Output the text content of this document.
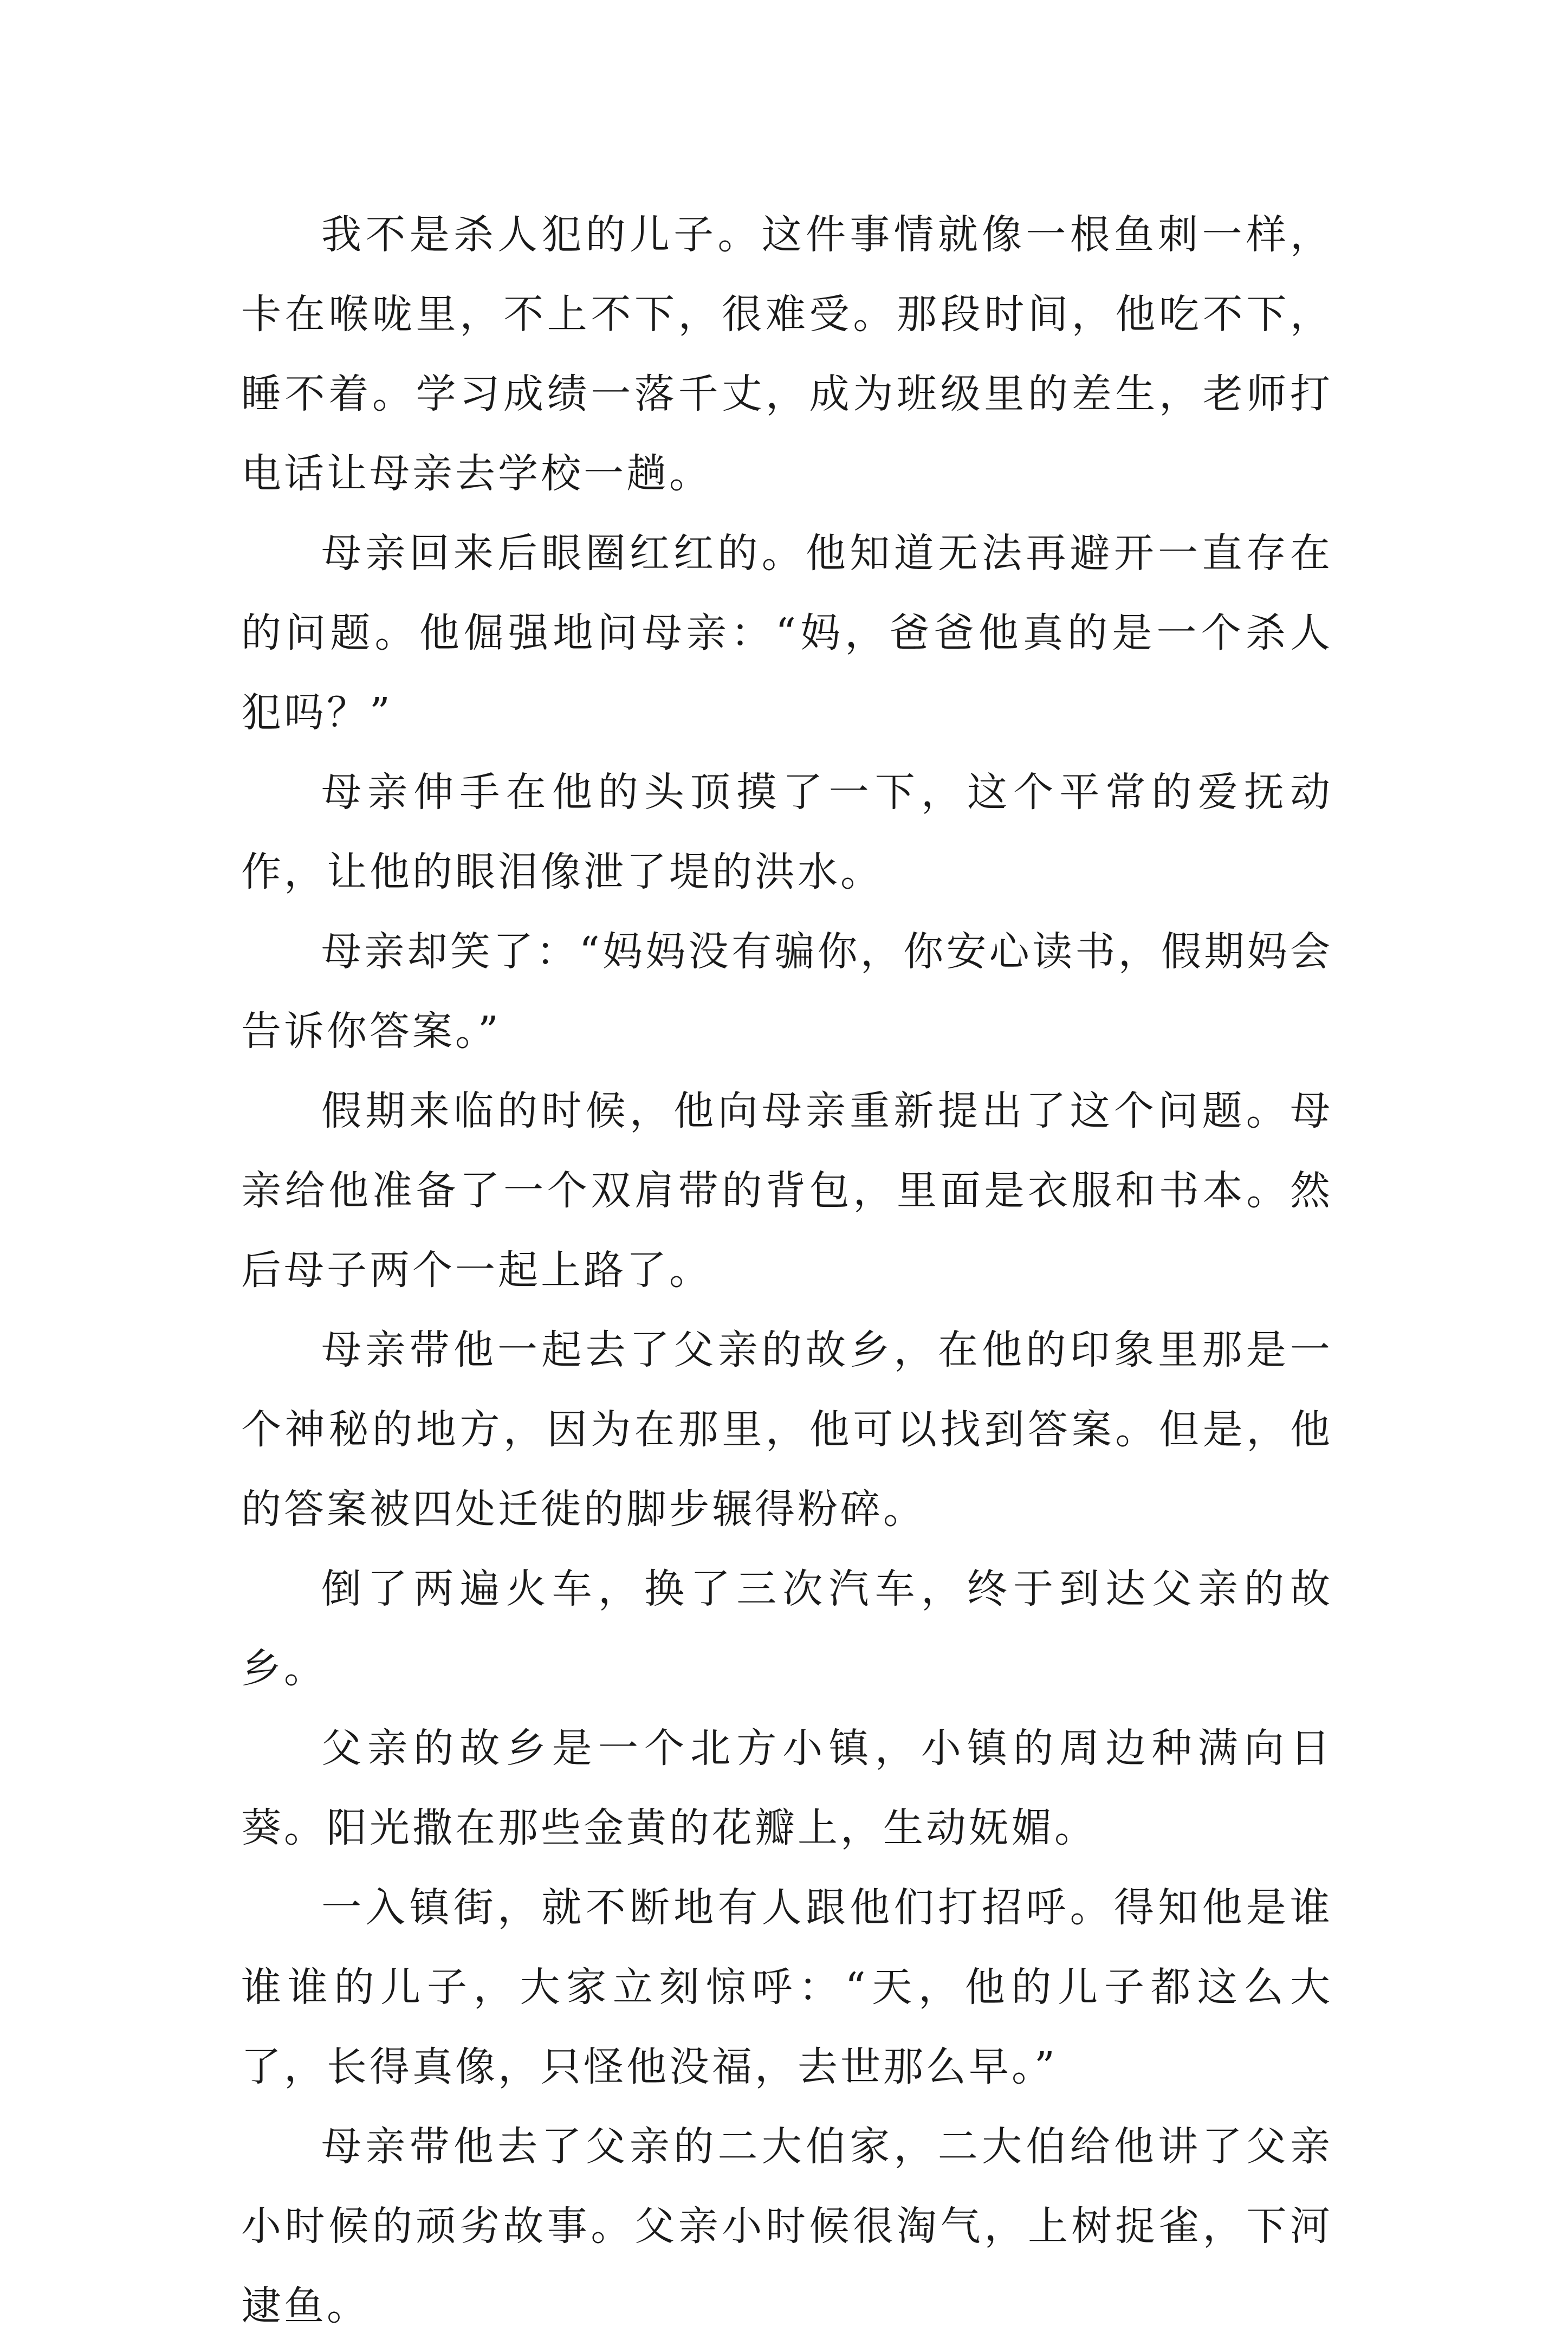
我不是杀人犯的儿子。这件事情就像一根鱼刺一样，卡在喉咙里，不上不下，很难受。那段时间，他吃不下，睡不着。学习成绩一落千丈，成为班级里的差生，老师打电话让母亲去学校一趟。

母亲回来后眼圈红红的。他知道无法再避开一直存在的问题。他倔强地问母亲：“妈，爸爸他真的是一个杀人犯吗？”

母亲伸手在他的头顶摸了一下，这个平常的爱抚动作，让他的眼泪像泄了堤的洪水。

母亲却笑了：“妈妈没有骗你，你安心读书，假期妈会告诉你答案。”

假期来临的时候，他向母亲重新提出了这个问题。母亲给他准备了一个双肩带的背包，里面是衣服和书本。然后母子两个一起上路了。

母亲带他一起去了父亲的故乡，在他的印象里那是一个神秘的地方，因为在那里，他可以找到答案。但是，他的答案被四处迁徙的脚步辗得粉碎。

倒了两遍火车，换了三次汽车，终于到达父亲的故乡。

父亲的故乡是一个北方小镇，小镇的周边种满向日葵。阳光撒在那些金黄的花瓣上，生动妩媚。

一入镇街，就不断地有人跟他们打招呼。得知他是谁谁谁的儿子，大家立刻惊呼：“天，他的儿子都这么大了，长得真像，只怪他没福，去世那么早。”

母亲带他去了父亲的二大伯家，二大伯给他讲了父亲小时候的顽劣故事。父亲小时候很淘气，上树捉雀，下河逮鱼。
